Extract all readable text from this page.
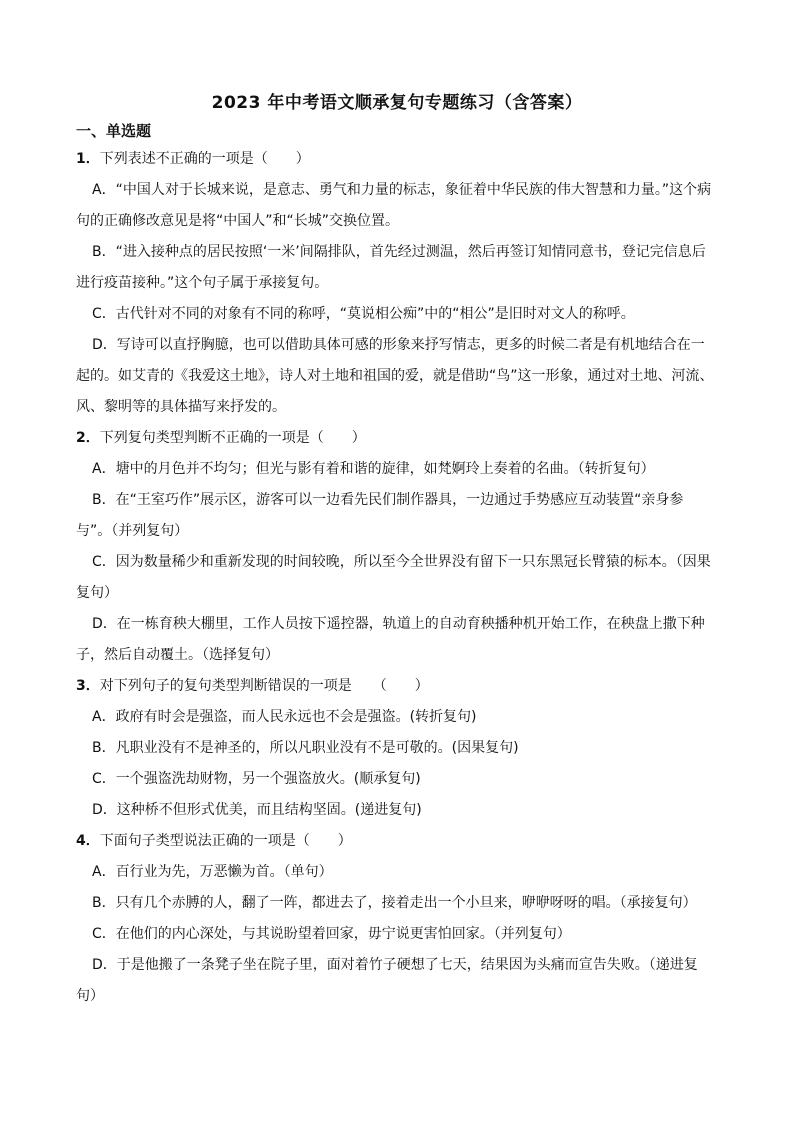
2023 年中考语文顺承复句专题练习（含答案）
一、单选题

1．下列表述不正确的一项是（　　）

A．“中国人对于长城来说，是意志、勇气和力量的标志，象征着中华民族的伟大智慧和力量。”这个病句的正确修改意见是将“中国人”和“长城”交换位置。

B．“进入接种点的居民按照‘一米’间隔排队，首先经过测温，然后再签订知情同意书，登记完信息后进行疫苗接种。”这个句子属于承接复句。

C．古代针对不同的对象有不同的称呼，“莫说相公痴”中的“相公”是旧时对文人的称呼。

D．写诗可以直抒胸臆，也可以借助具体可感的形象来抒写情志，更多的时候二者是有机地结合在一起的。如艾青的《我爱这土地》，诗人对土地和祖国的爱，就是借助“鸟”这一形象，通过对土地、河流、风、黎明等的具体描写来抒发的。

2．下列复句类型判断不正确的一项是（　　）

A．塘中的月色并不均匀；但光与影有着和谐的旋律，如梵婀玲上奏着的名曲。（转折复句）

B．在“王室巧作”展示区，游客可以一边看先民们制作器具，一边通过手势感应互动装置“亲身参与”。（并列复句）

C．因为数量稀少和重新发现的时间较晚，所以至今全世界没有留下一只东黑冠长臂猿的标本。（因果复句）

D．在一栋育秧大棚里，工作人员按下遥控器，轨道上的自动育秧播种机开始工作，在秧盘上撒下种子，然后自动覆土。（选择复句）

3．对下列句子的复句类型判断错误的一项是　　（　　）

A．政府有时会是强盗，而人民永远也不会是强盗。(转折复句)

B．凡职业没有不是神圣的，所以凡职业没有不是可敬的。(因果复句)

C．一个强盗洗劫财物，另一个强盗放火。(顺承复句)

D．这种桥不但形式优美，而且结构坚固。(递进复句)

4．下面句子类型说法正确的一项是（　　）

A．百行业为先，万恶懒为首。（单句）

B．只有几个赤膊的人，翻了一阵，都进去了，接着走出一个小旦来，咿咿呀呀的唱。（承接复句）

C．在他们的内心深处，与其说盼望着回家，毋宁说更害怕回家。（并列复句）

D．于是他搬了一条凳子坐在院子里，面对着竹子硬想了七天，结果因为头痛而宣告失败。（递进复句）
